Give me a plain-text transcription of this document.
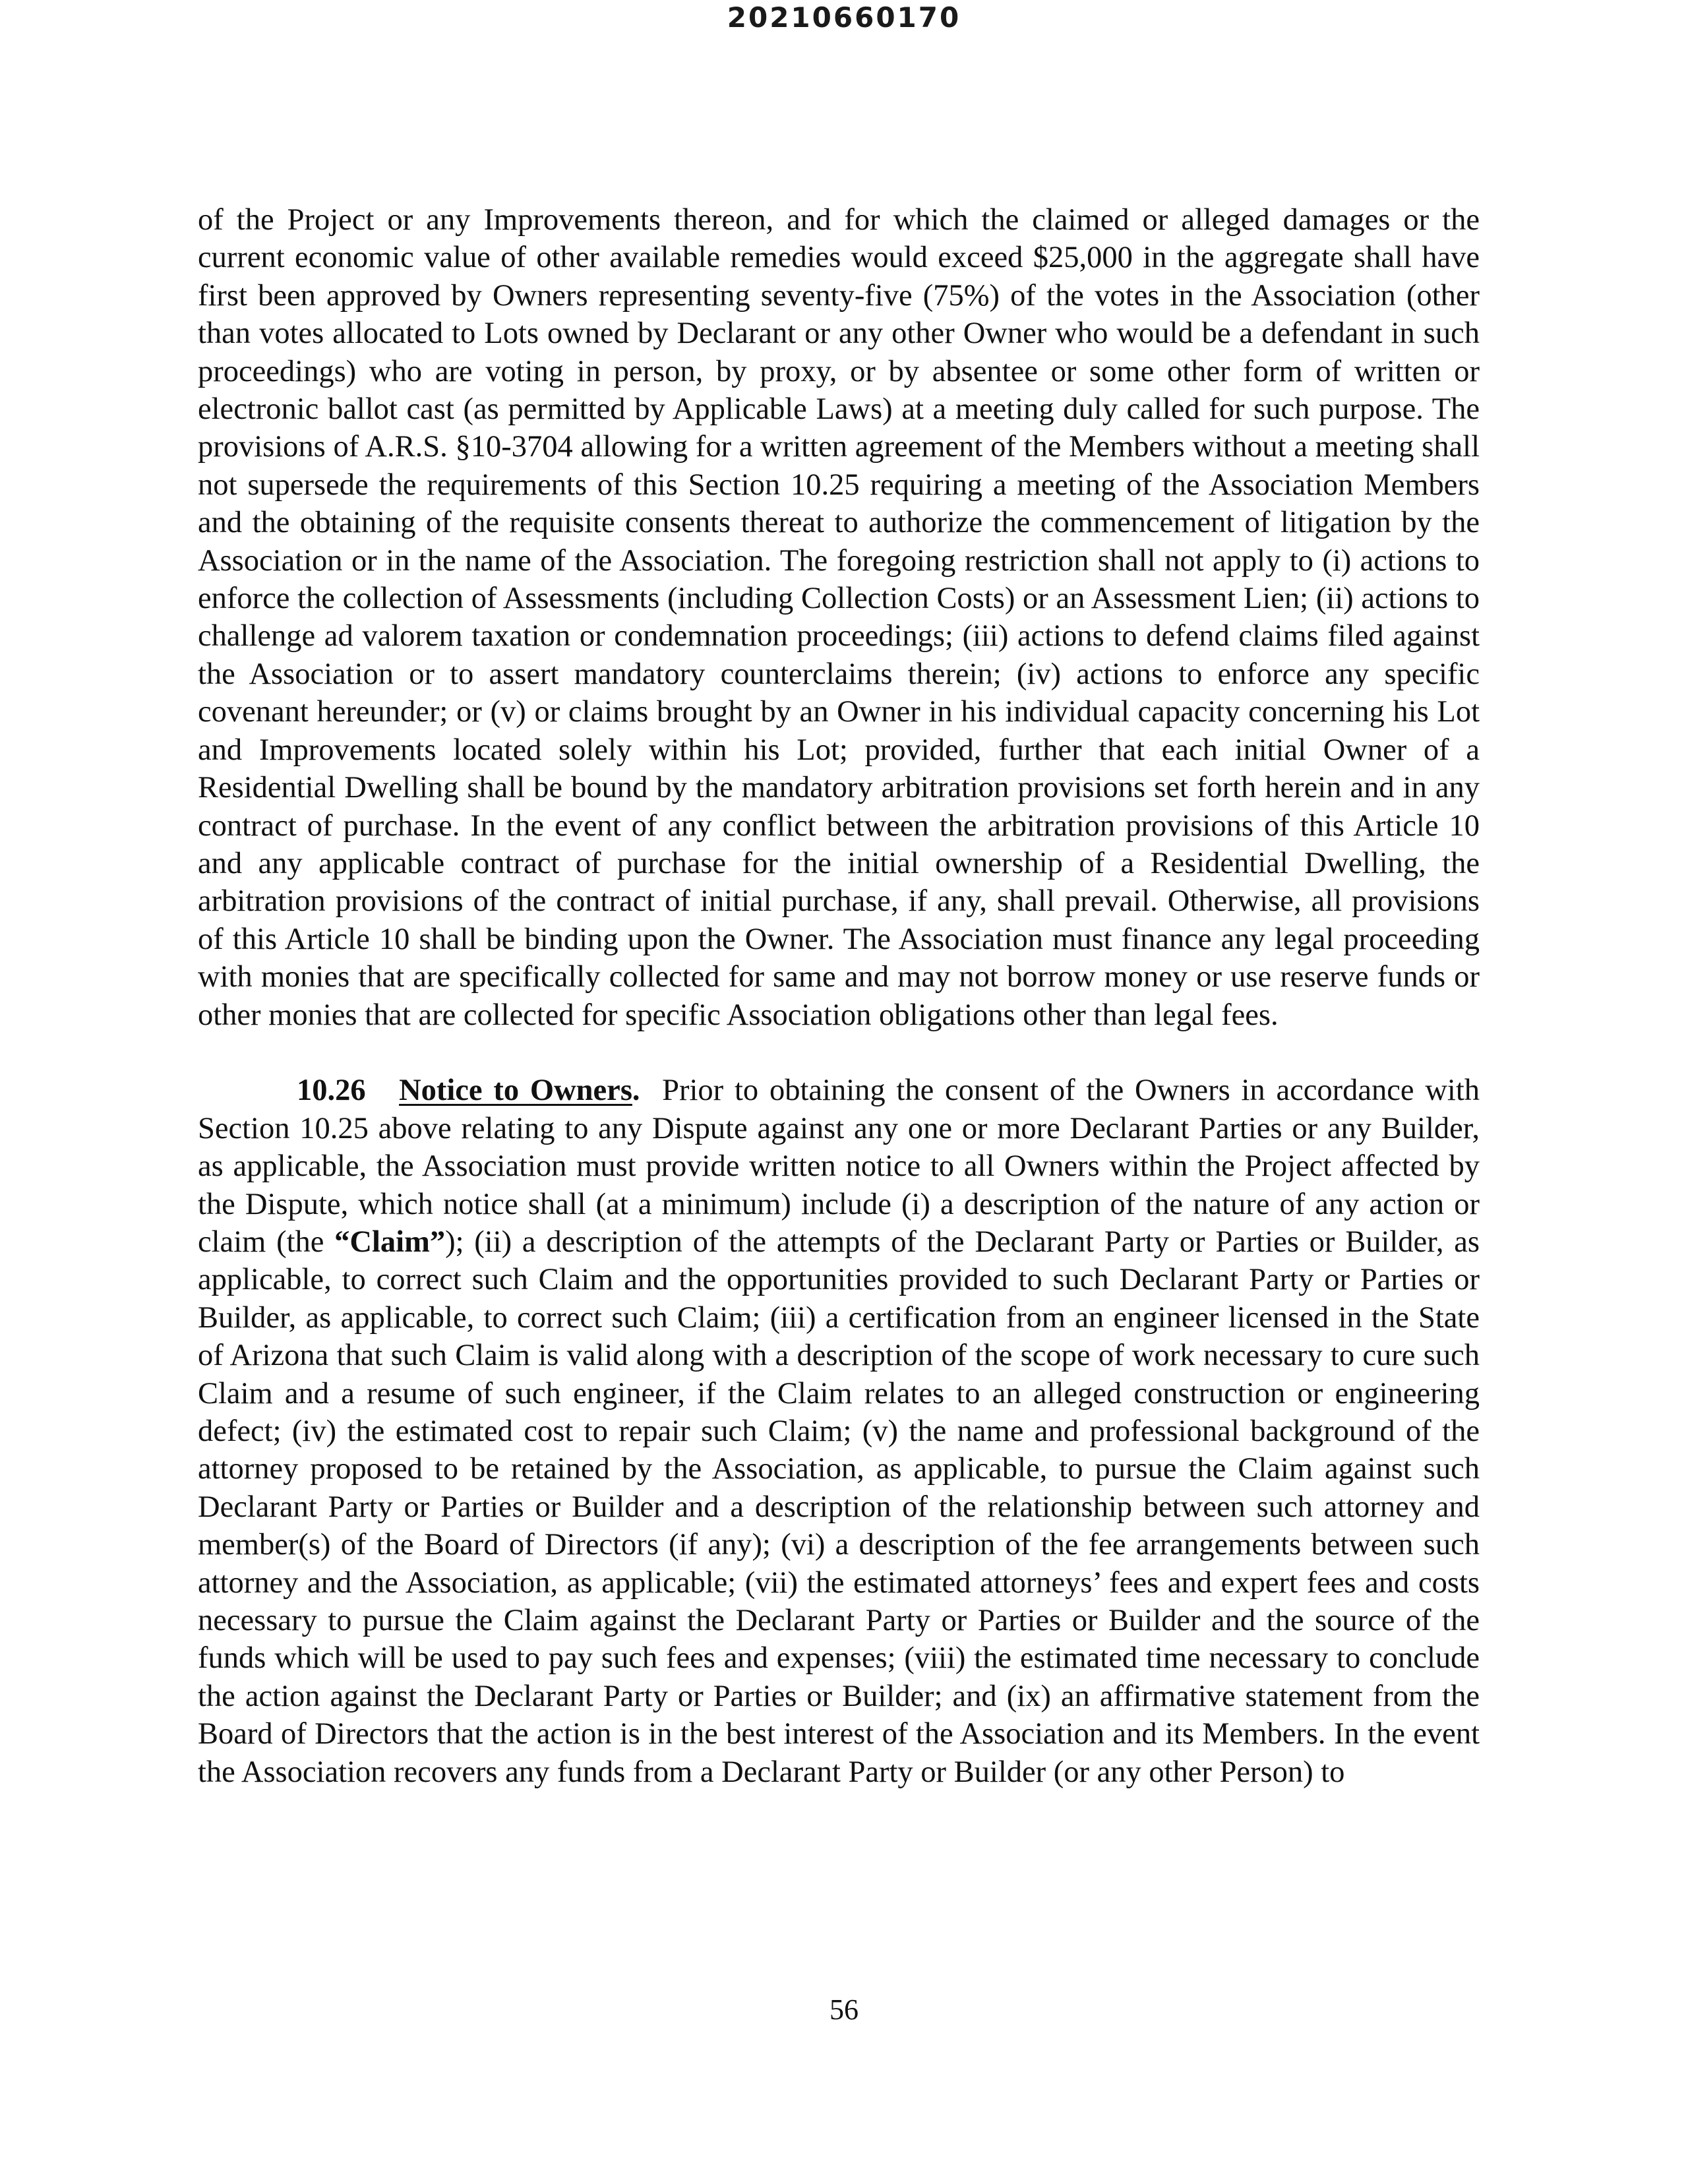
20210660170

of the Project or any Improvements thereon, and for which the claimed or alleged damages or the current economic value of other available remedies would exceed $25,000 in the aggregate shall have first been approved by Owners representing seventy-five (75%) of the votes in the Association (other than votes allocated to Lots owned by Declarant or any other Owner who would be a defendant in such proceedings) who are voting in person, by proxy, or by absentee or some other form of written or electronic ballot cast (as permitted by Applicable Laws) at a meeting duly called for such purpose. The provisions of A.R.S. §10-3704 allowing for a written agreement of the Members without a meeting shall not supersede the requirements of this Section 10.25 requiring a meeting of the Association Members and the obtaining of the requisite consents thereat to authorize the commencement of litigation by the Association or in the name of the Association. The foregoing restriction shall not apply to (i) actions to enforce the collection of Assessments (including Collection Costs) or an Assessment Lien; (ii) actions to challenge ad valorem taxation or condemnation proceedings; (iii) actions to defend claims filed against the Association or to assert mandatory counterclaims therein; (iv) actions to enforce any specific covenant hereunder; or (v) or claims brought by an Owner in his individual capacity concerning his Lot and Improvements located solely within his Lot; provided, further that each initial Owner of a Residential Dwelling shall be bound by the mandatory arbitration provisions set forth herein and in any contract of purchase. In the event of any conflict between the arbitration provisions of this Article 10 and any applicable contract of purchase for the initial ownership of a Residential Dwelling, the arbitration provisions of the contract of initial purchase, if any, shall prevail. Otherwise, all provisions of this Article 10 shall be binding upon the Owner. The Association must finance any legal proceeding with monies that are specifically collected for same and may not borrow money or use reserve funds or other monies that are collected for specific Association obligations other than legal fees.

10.26 Notice to Owners. Prior to obtaining the consent of the Owners in accordance with Section 10.25 above relating to any Dispute against any one or more Declarant Parties or any Builder, as applicable, the Association must provide written notice to all Owners within the Project affected by the Dispute, which notice shall (at a minimum) include (i) a description of the nature of any action or claim (the “Claim”); (ii) a description of the attempts of the Declarant Party or Parties or Builder, as applicable, to correct such Claim and the opportunities provided to such Declarant Party or Parties or Builder, as applicable, to correct such Claim; (iii) a certification from an engineer licensed in the State of Arizona that such Claim is valid along with a description of the scope of work necessary to cure such Claim and a resume of such engineer, if the Claim relates to an alleged construction or engineering defect; (iv) the estimated cost to repair such Claim; (v) the name and professional background of the attorney proposed to be retained by the Association, as applicable, to pursue the Claim against such Declarant Party or Parties or Builder and a description of the relationship between such attorney and member(s) of the Board of Directors (if any); (vi) a description of the fee arrangements between such attorney and the Association, as applicable; (vii) the estimated attorneys’ fees and expert fees and costs necessary to pursue the Claim against the Declarant Party or Parties or Builder and the source of the funds which will be used to pay such fees and expenses; (viii) the estimated time necessary to conclude the action against the Declarant Party or Parties or Builder; and (ix) an affirmative statement from the Board of Directors that the action is in the best interest of the Association and its Members. In the event the Association recovers any funds from a Declarant Party or Builder (or any other Person) to

56
